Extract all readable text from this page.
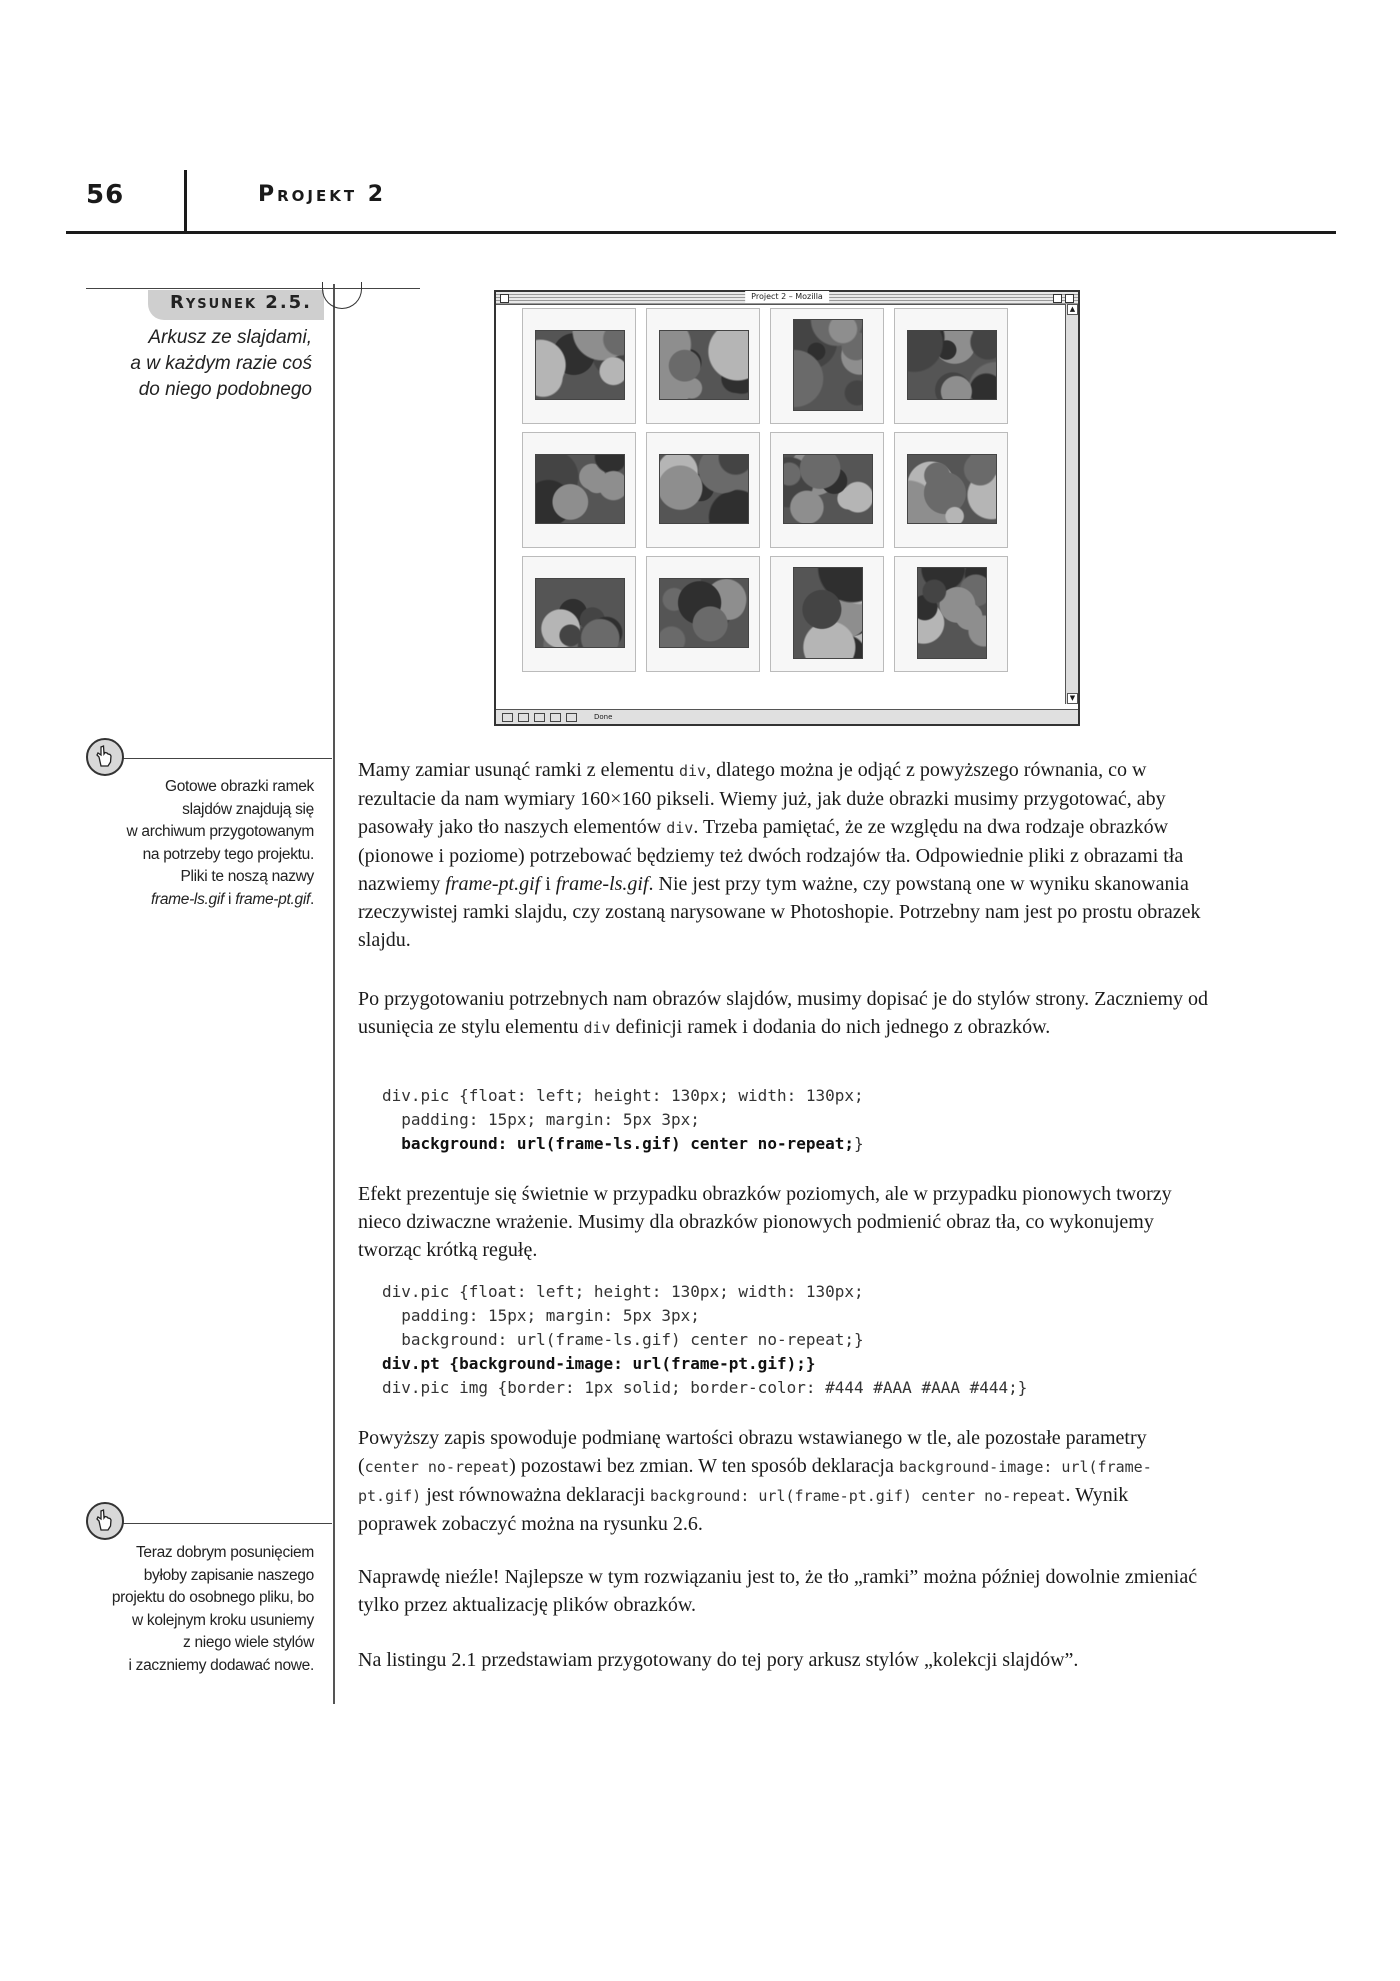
56	Projekt 2
Rysunek 2.5.
Arkusz ze slajdami,
a w każdym razie coś
do niego podobnego
Gotowe obrazki ramek
slajdów znajdują się
w archiwum przygotowanym
na potrzeby tego projektu.
Pliki te noszą nazwy
frame-ls.gif i frame-pt.gif.
Teraz dobrym posunięciem
byłoby zapisanie naszego
projektu do osobnego pliku, bo
w kolejnym kroku usuniemy
z niego wiele stylów
i zaczniemy dodawać nowe.
Project 2 – Mozilla
▲
▼
Done

Mamy zamiar usunąć ramki z elementu div, dlatego można je odjąć z powyższego równania, co w rezultacie da nam wymiary 160×160 pikseli. Wiemy już, jak duże obrazki musimy przygotować, aby pasowały jako tło naszych elementów div. Trzeba pamiętać, że ze względu na dwa rodzaje obrazków (pionowe i poziome) potrzebować będziemy też dwóch rodzajów tła. Odpowiednie pliki z obrazami tła nazwiemy frame-pt.gif i frame-ls.gif. Nie jest przy tym ważne, czy powstaną one w wyniku skanowania rzeczywistej ramki slajdu, czy zostaną narysowane w Photoshopie. Potrzebny nam jest po prostu obrazek slajdu.

Po przygotowaniu potrzebnych nam obrazów slajdów, musimy dopisać je do stylów strony. Zaczniemy od usunięcia ze stylu elementu div definicji ramek i dodania do nich jednego z obrazków.

div.pic {float: left; height: 130px; width: 130px;
padding: 15px; margin: 5px 3px;
background: url(frame-ls.gif) center no-repeat;}
Efekt prezentuje się świetnie w przypadku obrazków poziomych, ale w przypadku pionowych tworzy nieco dziwaczne wrażenie. Musimy dla obrazków pionowych podmienić obraz tła, co wykonujemy tworząc krótką regułę.
div.pic {float: left; height: 130px; width: 130px;
padding: 15px; margin: 5px 3px;
background: url(frame-ls.gif) center no-repeat;}
div.pt {background-image: url(frame-pt.gif);}
div.pic img {border: 1px solid; border-color: #444 #AAA #AAA #444;}

Powyższy zapis spowoduje podmianę wartości obrazu wstawianego w tle, ale pozostałe parametry (center no-repeat) pozostawi bez zmian. W ten sposób deklaracja background-image: url(frame-pt.gif) jest równoważna deklaracji background: url(frame-pt.gif) center no-repeat. Wynik poprawek zobaczyć można na rysunku 2.6.

Naprawdę nieźle! Najlepsze w tym rozwiązaniu jest to, że tło „ramki” można później dowolnie zmieniać tylko przez aktualizację plików obrazków.
Na listingu 2.1 przedstawiam przygotowany do tej pory arkusz stylów „kolekcji slajdów”.
